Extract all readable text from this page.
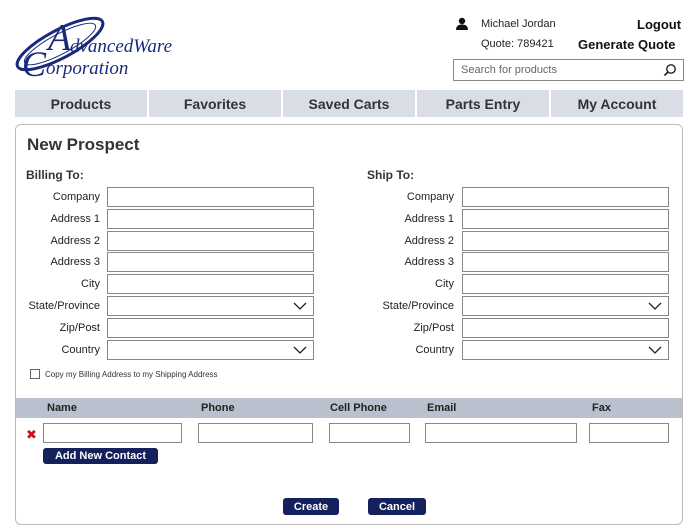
A
dvancedWare
C orporation
Michael Jordan	Logout
Quote: 789421 Generate Quote
Search for products
Products	Favorites	Saved Carts	Parts Entry	My Account
New Prospect
Billing To:	Ship To:
Company
Address 1
Address 2
Address 3
City
State/Province
Zip/Post
Country
Company
Address 1
Address 2
Address 3
City
State/Province
Zip/Post
Country
Copy my Billing Address to my Shipping Address
Name	Phone	Cell Phone	Email	Fax
✖
Add New Contact
Create	Cancel
